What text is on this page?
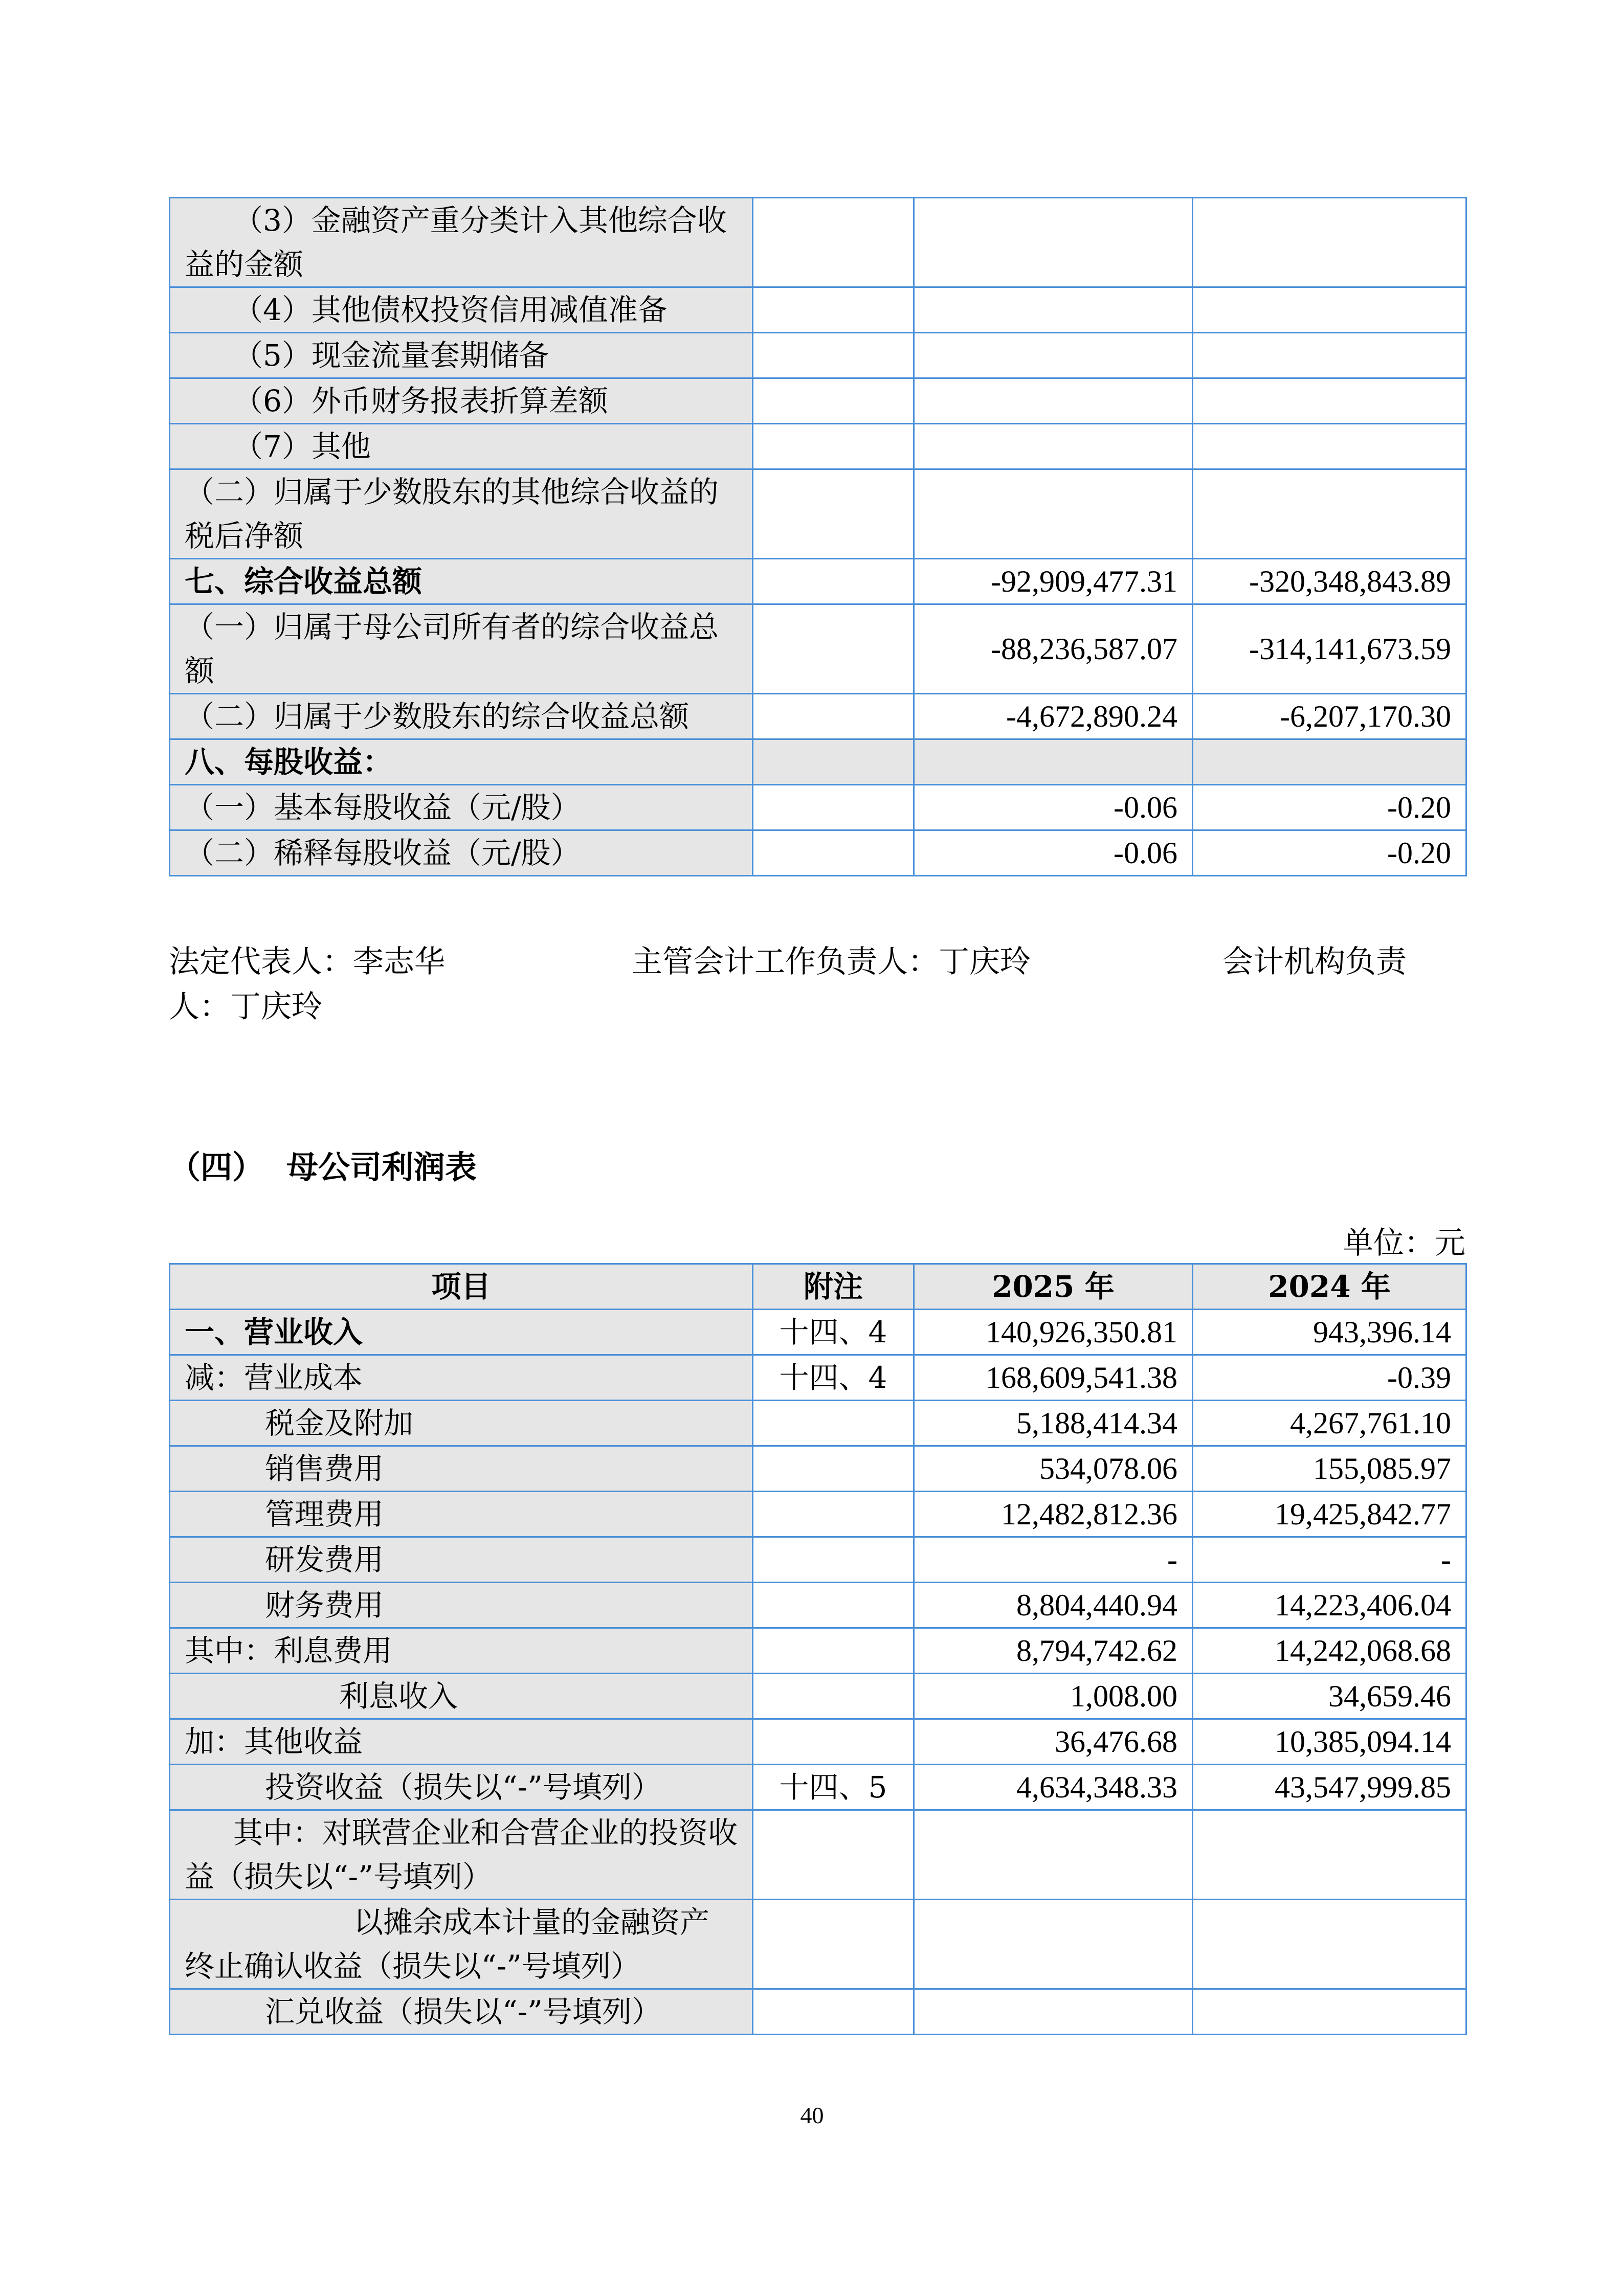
（3）金融资产重分类计入其他综合收益的金额			
（4）其他债权投资信用减值准备			
（5）现金流量套期储备			
（6）外币财务报表折算差额			
（7）其他			
（二）归属于少数股东的其他综合收益的税后净额			
七、综合收益总额		-92,909,477.31	-320,348,843.89
（一）归属于母公司所有者的综合收益总额		-88,236,587.07	-314,141,673.59
（二）归属于少数股东的综合收益总额		-4,672,890.24	-6,207,170.30
八、每股收益：			
（一）基本每股收益（元/股）		-0.06	-0.20
（二）稀释每股收益（元/股）		-0.06	-0.20
法定代表人：李志华	主管会计工作负责人：丁庆玲	会计机构负责
人：丁庆玲
（四） 母公司利润表
单位：元
项目	附注	2025 年	2024 年
一、营业收入	十四、4	140,926,350.81	943,396.14
减：营业成本	十四、4	168,609,541.38	-0.39
税金及附加		5,188,414.34	4,267,761.10
销售费用		534,078.06	155,085.97
管理费用		12,482,812.36	19,425,842.77
研发费用		-	-
财务费用		8,804,440.94	14,223,406.04
其中：利息费用		8,794,742.62	14,242,068.68
利息收入		1,008.00	34,659.46
加：其他收益		36,476.68	10,385,094.14
投资收益（损失以“-”号填列）	十四、5	4,634,348.33	43,547,999.85
其中：对联营企业和合营企业的投资收益（损失以“-”号填列）			
以摊余成本计量的金融资产终止确认收益（损失以“-”号填列）			
汇兑收益（损失以“-”号填列）			
40
